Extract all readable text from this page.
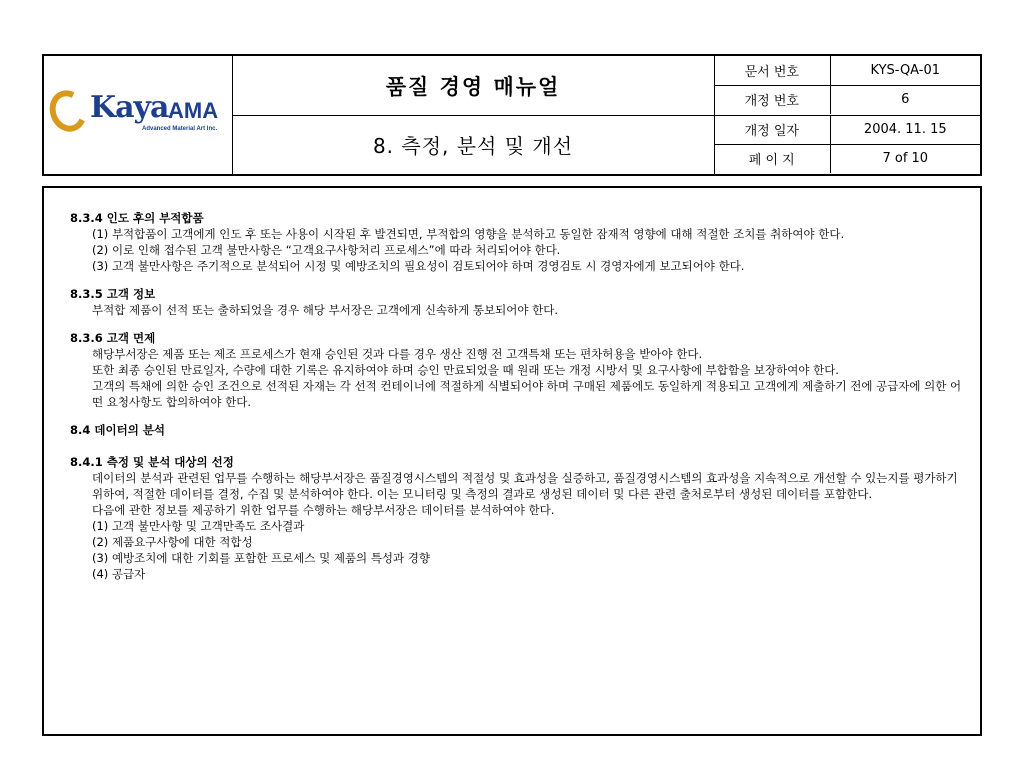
Kaya AMA
Advanced Material Art Inc.
품질 경영 매뉴얼
8. 측정, 분석 및 개선
문서 번호	KYS-QA-01
개정 번호	6
개정 일자	2004. 11. 15
페 이 지	7 of 10

8.3.4 인도 후의 부적합품

(1) 부적합품이 고객에게 인도 후 또는 사용이 시작된 후 발견되면, 부적합의 영향을 분석하고 동일한 잠재적 영향에 대해 적절한 조치를 취하여야 한다.

(2) 이로 인해 접수된 고객 불만사항은 “고객요구사항처리 프로세스”에 따라 처리되어야 한다.

(3) 고객 불만사항은 주기적으로 분석되어 시정 및 예방조치의 필요성이 검토되어야 하며 경영검토 시 경영자에게 보고되어야 한다.

8.3.5 고객 정보

부적합 제품이 선적 또는 출하되었을 경우 해당 부서장은 고객에게 신속하게 통보되어야 한다.

8.3.6 고객 면제

해당부서장은 제품 또는 제조 프로세스가 현재 승인된 것과 다를 경우 생산 진행 전 고객특채 또는 편차허용을 받아야 한다.

또한 최종 승인된 만료일자, 수량에 대한 기록은 유지하여야 하며 승인 만료되었을 때 원래 또는 개정 시방서 및 요구사항에 부합함을 보장하여야 한다.

고객의 특채에 의한 승인 조건으로 선적된 자재는 각 선적 컨테이너에 적절하게 식별되어야 하며 구매된 제품에도 동일하게 적용되고 고객에게 제출하기 전에 공급자에 의한 어떤 요청사항도 합의하여야 한다.

8.4 데이터의 분석

8.4.1 측정 및 분석 대상의 선정

데이터의 분석과 관련된 업무를 수행하는 해당부서장은 품질경영시스템의 적절성 및 효과성을 실증하고, 품질경영시스템의 효과성을 지속적으로 개선할 수 있는지를 평가하기 위하여, 적절한 데이터를 결정, 수집 및 분석하여야 한다. 이는 모니터링 및 측정의 결과로 생성된 데이터 및 다른 관련 출처로부터 생성된 데이터를 포함한다.

다음에 관한 정보를 제공하기 위한 업무를 수행하는 해당부서장은 데이터를 분석하여야 한다.

(1) 고객 불만사항 및 고객만족도 조사결과

(2) 제품요구사항에 대한 적합성

(3) 예방조치에 대한 기회를 포함한 프로세스 및 제품의 특성과 경향

(4) 공급자
